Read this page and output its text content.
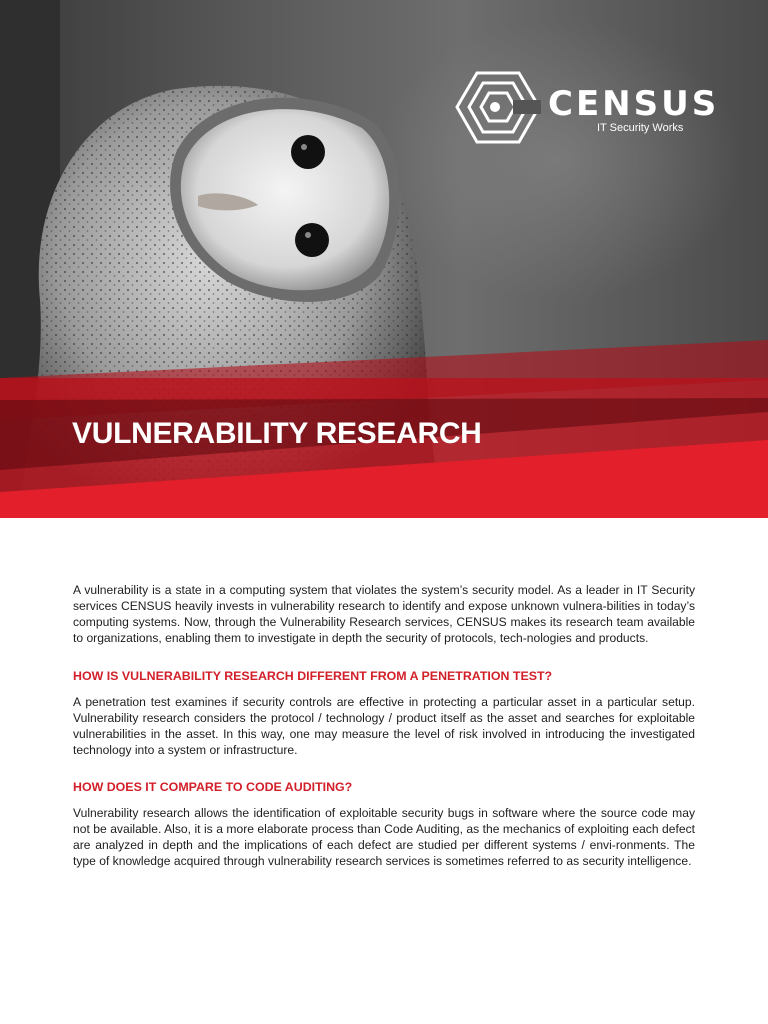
CENSUS
IT Security Works
VULNERABILITY RESEARCH

A vulnerability is a state in a computing system that violates the system’s security model. As a leader in IT Security services CENSUS heavily invests in vulnerability research to identify and expose unknown vulnera-bilities in today’s computing systems. Now, through the Vulnerability Research services, CENSUS makes its research team available to organizations, enabling them to investigate in depth the security of protocols, tech-nologies and products.

HOW IS VULNERABILITY RESEARCH DIFFERENT FROM A PENETRATION TEST?

A penetration test examines if security controls are effective in protecting a particular asset in a particular setup. Vulnerability research considers the protocol / technology / product itself as the asset and searches for exploitable vulnerabilities in the asset. In this way, one may measure the level of risk involved in introducing the investigated technology into a system or infrastructure.

HOW DOES IT COMPARE TO CODE AUDITING?

Vulnerability research allows the identification of exploitable security bugs in software where the source code may not be available. Also, it is a more elaborate process than Code Auditing, as the mechanics of exploiting each defect are analyzed in depth and the implications of each defect are studied per different systems / envi-ronments. The type of knowledge acquired through vulnerability research services is sometimes referred to as security intelligence.
